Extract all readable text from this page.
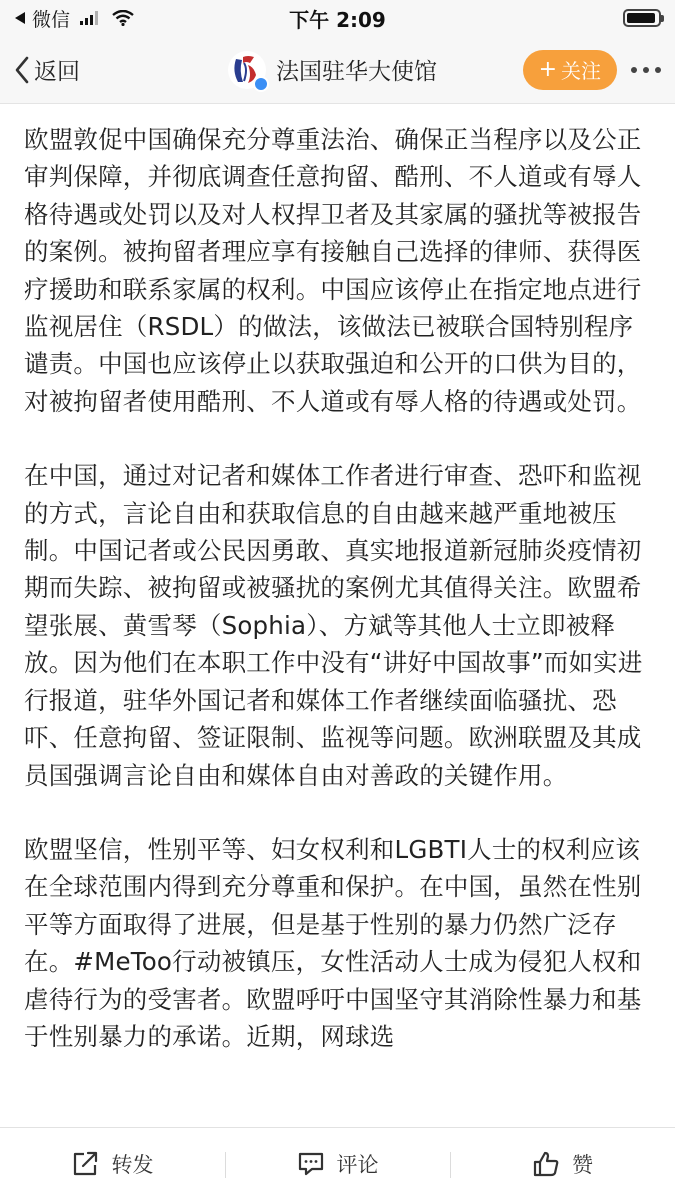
微信	下午 2:09
返回	法国驻华大使馆	+ 关注

欧盟敦促中国确保充分尊重法治、确保正当程序以及公正审判保障，并彻底调查任意拘留、酷刑、不人道或有辱人格待遇或处罚以及对人权捍卫者及其家属的骚扰等被报告的案例。被拘留者理应享有接触自己选择的律师、获得医疗援助和联系家属的权利。中国应该停止在指定地点进行监视居住（RSDL）的做法，该做法已被联合国特别程序谴责。中国也应该停止以获取强迫和公开的口供为目的，对被拘留者使用酷刑、不人道或有辱人格的待遇或处罚。

在中国，通过对记者和媒体工作者进行审查、恐吓和监视的方式，言论自由和获取信息的自由越来越严重地被压制。中国记者或公民因勇敢、真实地报道新冠肺炎疫情初期而失踪、被拘留或被骚扰的案例尤其值得关注。欧盟希望张展、黄雪琴（Sophia）、方斌等其他人士立即被释放。因为他们在本职工作中没有“讲好中国故事”而如实进行报道，驻华外国记者和媒体工作者继续面临骚扰、恐吓、任意拘留、签证限制、监视等问题。欧洲联盟及其成员国强调言论自由和媒体自由对善政的关键作用。

欧盟坚信，性别平等、妇女权利和LGBTI人士的权利应该在全球范围内得到充分尊重和保护。在中国，虽然在性别平等方面取得了进展，但是基于性别的暴力仍然广泛存在。#MeToo行动被镇压，女性活动人士成为侵犯人权和虐待行为的受害者。欧盟呼吁中国坚守其消除性暴力和基于性别暴力的承诺。近期，网球选

转发	评论	赞
